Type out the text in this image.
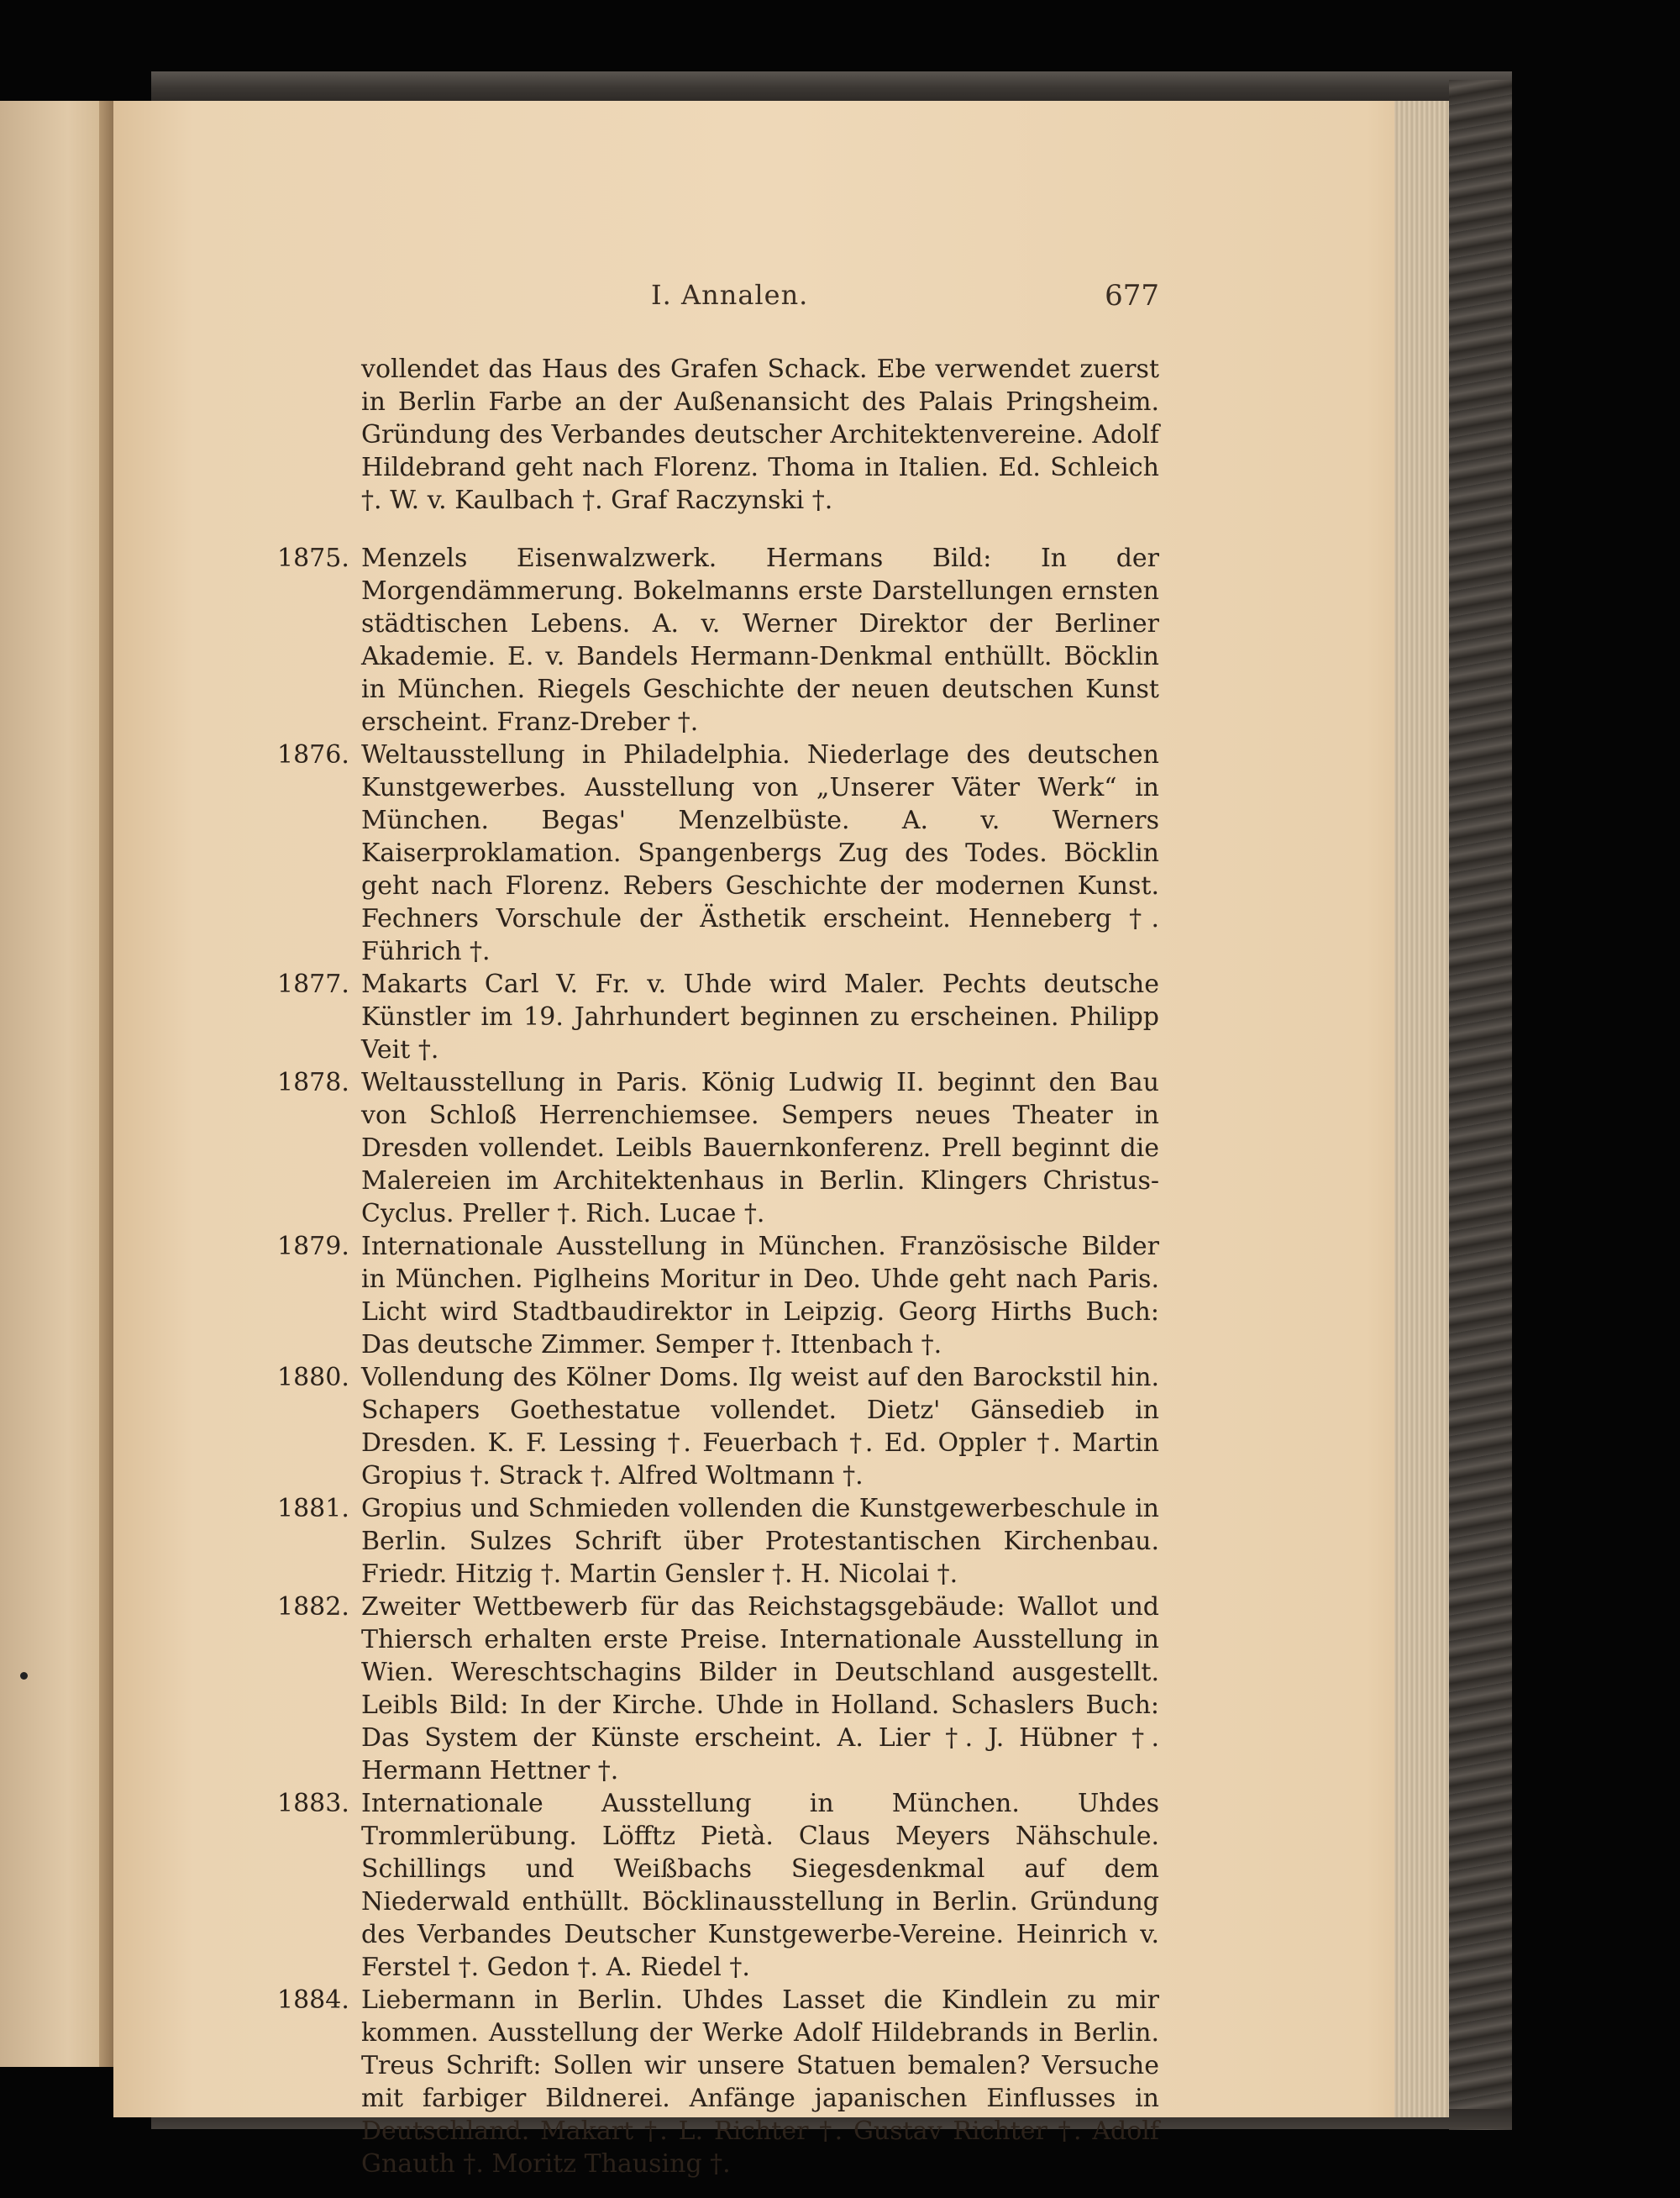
I. Annalen.	677

vollendet das Haus des Grafen Schack. Ebe verwendet zuerst in Berlin Farbe an der Außenansicht des Palais Pringsheim. Gründung des Verbandes deutscher Architektenvereine. Adolf Hildebrand geht nach Florenz. Thoma in Italien. Ed. Schleich †. W. v. Kaulbach †. Graf Raczynski †.

1875. Menzels Eisenwalzwerk. Hermans Bild: In der Morgendämmerung. Bokelmanns erste Darstellungen ernsten städtischen Lebens. A. v. Werner Direktor der Berliner Akademie. E. v. Bandels Hermann-Denkmal enthüllt. Böcklin in München. Riegels Geschichte der neuen deutschen Kunst erscheint. Franz-Dreber †.
1876. Weltausstellung in Philadelphia. Niederlage des deutschen Kunstgewerbes. Ausstellung von „Unserer Väter Werk“ in München. Begas' Menzelbüste. A. v. Werners Kaiserproklamation. Spangenbergs Zug des Todes. Böcklin geht nach Florenz. Rebers Geschichte der modernen Kunst. Fechners Vorschule der Ästhetik erscheint. Henneberg †. Führich †.
1877. Makarts Carl V. Fr. v. Uhde wird Maler. Pechts deutsche Künstler im 19. Jahrhundert beginnen zu erscheinen. Philipp Veit †.
1878. Weltausstellung in Paris. König Ludwig II. beginnt den Bau von Schloß Herrenchiemsee. Sempers neues Theater in Dresden vollendet. Leibls Bauernkonferenz. Prell beginnt die Malereien im Architektenhaus in Berlin. Klingers Christus-Cyclus. Preller †. Rich. Lucae †.
1879. Internationale Ausstellung in München. Französische Bilder in München. Piglheins Moritur in Deo. Uhde geht nach Paris. Licht wird Stadtbaudirektor in Leipzig. Georg Hirths Buch: Das deutsche Zimmer. Semper †. Ittenbach †.
1880. Vollendung des Kölner Doms. Ilg weist auf den Barockstil hin. Schapers Goethestatue vollendet. Dietz' Gänsedieb in Dresden. K. F. Lessing †. Feuerbach †. Ed. Oppler †. Martin Gropius †. Strack †. Alfred Woltmann †.
1881. Gropius und Schmieden vollenden die Kunstgewerbeschule in Berlin. Sulzes Schrift über Protestantischen Kirchenbau. Friedr. Hitzig †. Martin Gensler †. H. Nicolai †.
1882. Zweiter Wettbewerb für das Reichstagsgebäude: Wallot und Thiersch erhalten erste Preise. Internationale Ausstellung in Wien. Wereschtschagins Bilder in Deutschland ausgestellt. Leibls Bild: In der Kirche. Uhde in Holland. Schaslers Buch: Das System der Künste erscheint. A. Lier †. J. Hübner †. Hermann Hettner †.
1883. Internationale Ausstellung in München. Uhdes Trommlerübung. Löfftz Pietà. Claus Meyers Nähschule. Schillings und Weißbachs Siegesdenkmal auf dem Niederwald enthüllt. Böcklinausstellung in Berlin. Gründung des Verbandes Deutscher Kunstgewerbe-Vereine. Heinrich v. Ferstel †. Gedon †. A. Riedel †.
1884. Liebermann in Berlin. Uhdes Lasset die Kindlein zu mir kommen. Ausstellung der Werke Adolf Hildebrands in Berlin. Treus Schrift: Sollen wir unsere Statuen bemalen? Versuche mit farbiger Bildnerei. Anfänge japanischen Einflusses in Deutschland. Makart †. L. Richter †. Gustav Richter †. Adolf Gnauth †. Moritz Thausing †.
